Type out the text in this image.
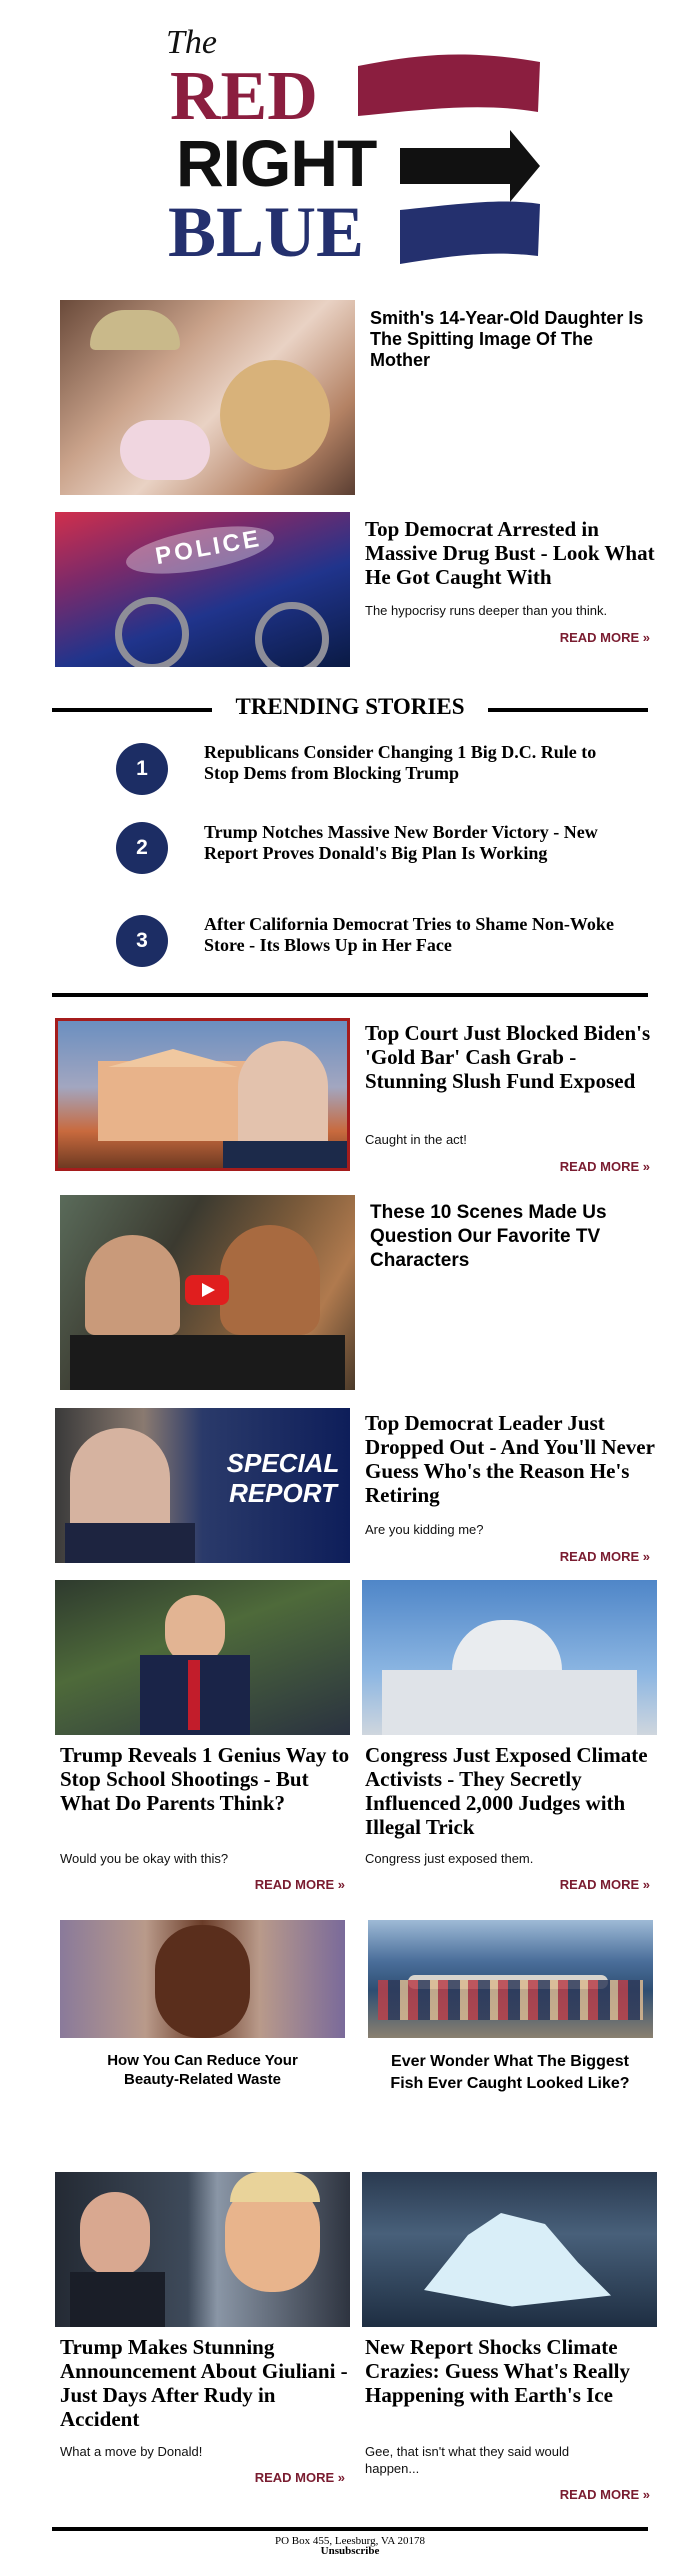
The
RED
RIGHT
BLUE
Smith's 14-Year-Old Daughter Is The Spitting Image Of The Mother
POLICE	Top Democrat Arrested in Massive Drug Bust - Look What He Got Caught With
The hypocrisy runs deeper than you think.
READ MORE »
TRENDING STORIES
1
Republicans Consider Changing 1 Big D.C. Rule to Stop Dems from Blocking Trump
2
Trump Notches Massive New Border Victory - New Report Proves Donald's Big Plan Is Working
3
After California Democrat Tries to Shame Non-Woke Store - Its Blows Up in Her Face
Top Court Just Blocked Biden's 'Gold Bar' Cash Grab - Stunning Slush Fund Exposed
Caught in the act!
READ MORE »
These 10 Scenes Made Us Question Our Favorite TV Characters
SPECIAL REPORT
Top Democrat Leader Just Dropped Out - And You'll Never Guess Who's the Reason He's Retiring
Are you kidding me?
READ MORE »
Trump Reveals 1 Genius Way to Stop School Shootings - But What Do Parents Think?
Would you be okay with this?
READ MORE »
Congress Just Exposed Climate Activists - They Secretly Influenced 2,000 Judges with Illegal Trick
Congress just exposed them.
READ MORE »
How You Can Reduce Your Beauty-Related Waste
Ever Wonder What The Biggest Fish Ever Caught Looked Like?
Trump Makes Stunning Announcement About Giuliani - Just Days After Rudy in Accident
What a move by Donald!
READ MORE »
New Report Shocks Climate Crazies: Guess What's Really Happening with Earth's Ice
Gee, that isn't what they said would happen...
READ MORE »
PO Box 455, Leesburg, VA 20178
Unsubscribe
